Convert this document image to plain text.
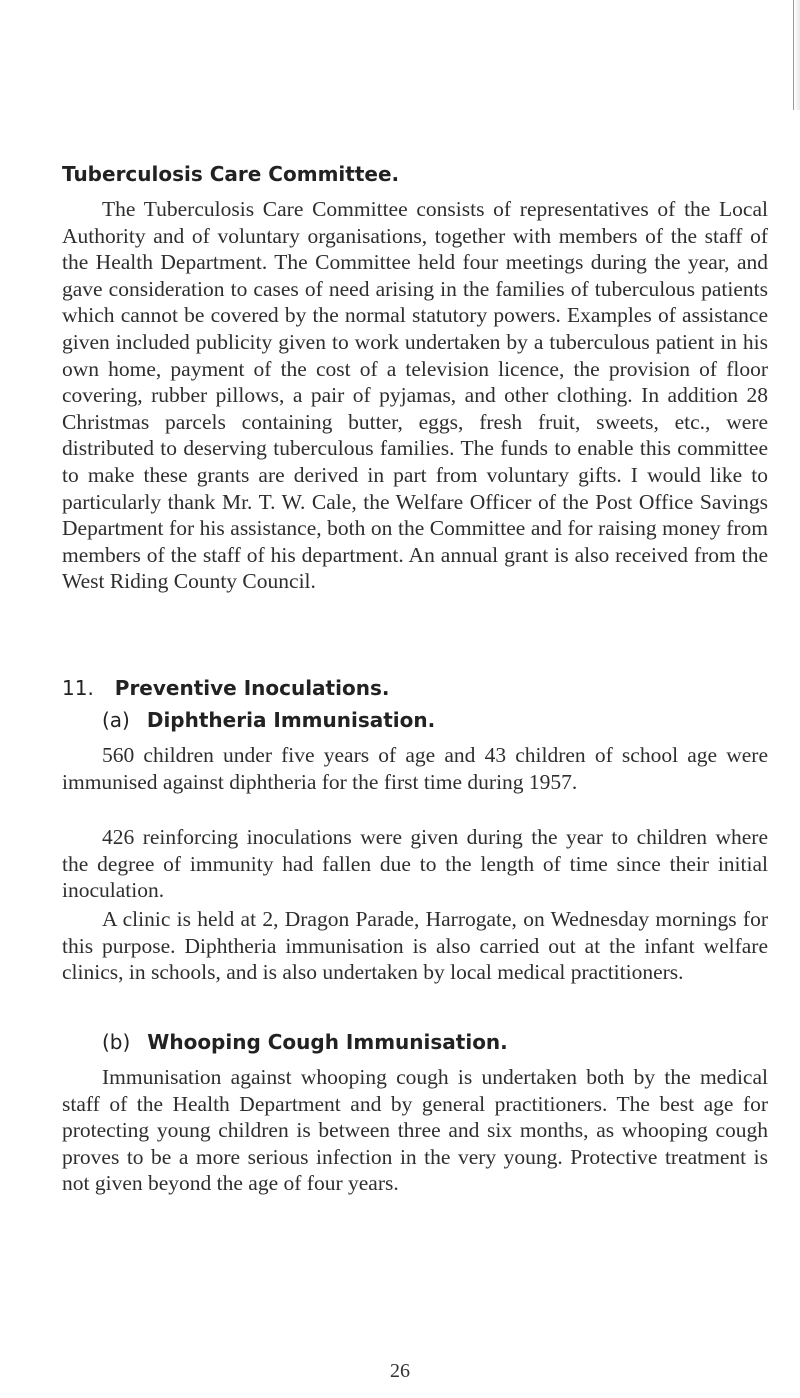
Tuberculosis Care Committee.

The Tuberculosis Care Committee consists of representatives of the Local Authority and of voluntary organisations, together with members of the staff of the Health Department. The Committee held four meetings during the year, and gave consideration to cases of need arising in the families of tuberculous patients which cannot be covered by the normal statutory powers. Examples of assistance given included publicity given to work undertaken by a tuberculous patient in his own home, payment of the cost of a television licence, the provision of floor covering, rubber pillows, a pair of pyjamas, and other clothing. In addition 28 Christmas parcels containing butter, eggs, fresh fruit, sweets, etc., were distributed to deserving tuberculous families. The funds to enable this committee to make these grants are derived in part from voluntary gifts. I would like to particularly thank Mr. T. W. Cale, the Welfare Officer of the Post Office Savings Department for his assistance, both on the Committee and for raising money from members of the staff of his department. An annual grant is also received from the West Riding County Council.

11. Preventive Inoculations.
(a) Diphtheria Immunisation.

560 children under five years of age and 43 children of school age were immunised against diphtheria for the first time during 1957.

426 reinforcing inoculations were given during the year to children where the degree of immunity had fallen due to the length of time since their initial inoculation.

A clinic is held at 2, Dragon Parade, Harrogate, on Wednesday mornings for this purpose. Diphtheria immunisation is also carried out at the infant welfare clinics, in schools, and is also undertaken by local medical practitioners.

(b) Whooping Cough Immunisation.

Immunisation against whooping cough is undertaken both by the medical staff of the Health Department and by general practitioners. The best age for protecting young children is between three and six months, as whooping cough proves to be a more serious infection in the very young. Protective treatment is not given beyond the age of four years.

26
